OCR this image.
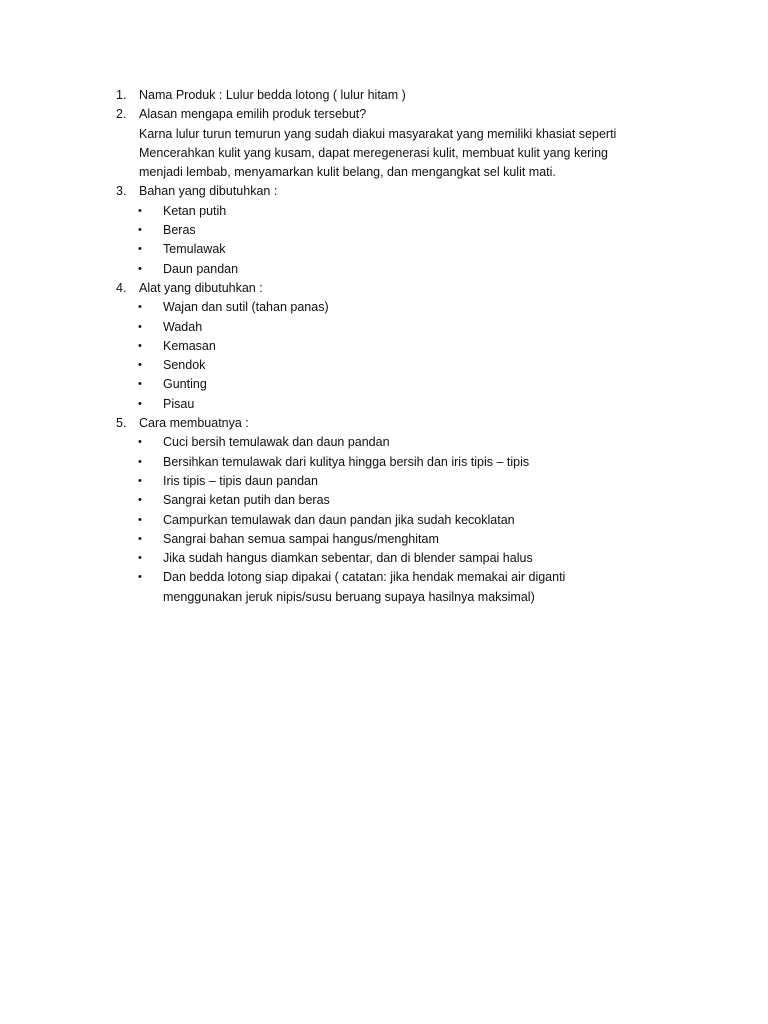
1. Nama Produk : Lulur bedda lotong ( lulur hitam )

2. Alasan mengapa emilih produk tersebut?

Karna lulur turun temurun yang sudah diakui masyarakat yang memiliki khasiat seperti

Mencerahkan kulit yang kusam, dapat meregenerasi kulit, membuat kulit yang kering

menjadi lembab, menyamarkan kulit belang, dan mengangkat sel kulit mati.

3. Bahan yang dibutuhkan :

• Ketan putih
• Beras
• Temulawak
• Daun pandan
4. Alat yang dibutuhkan :

• Wajan dan sutil (tahan panas)
• Wadah
• Kemasan
• Sendok
• Gunting
• Pisau
5. Cara membuatnya :

• Cuci bersih temulawak dan daun pandan
• Bersihkan temulawak dari kulitya hingga bersih dan iris tipis – tipis
• Iris tipis – tipis daun pandan
• Sangrai ketan putih dan beras
• Campurkan temulawak dan daun pandan jika sudah kecoklatan
• Sangrai bahan semua sampai hangus/menghitam
• Jika sudah hangus diamkan sebentar, dan di blender sampai halus
• Dan bedda lotong siap dipakai ( catatan: jika hendak memakai air diganti
menggunakan jeruk nipis/susu beruang supaya hasilnya maksimal)
